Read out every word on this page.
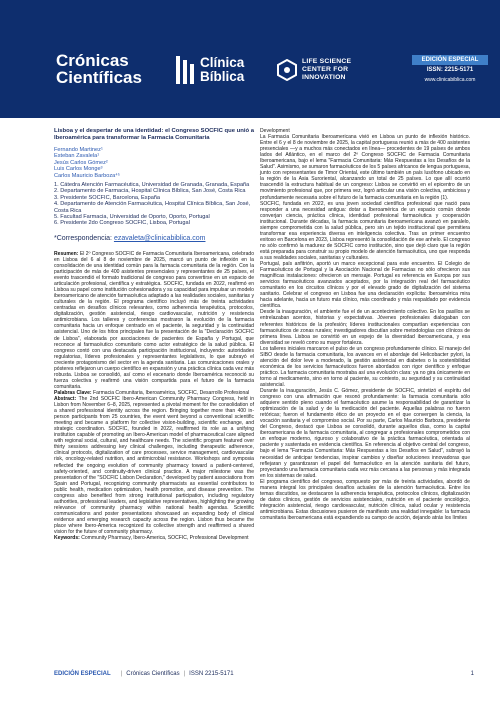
Crónicas
Científicas
Clínica
Bíblica
LIFE SCIENCE
CENTER FOR
INNOVATION
EDICIÓN ESPECIAL
ISSN: 2215-5171
www.clinicabiblica.com
Lisboa y el despertar de una identidad: el Congreso SOCFIC que unió a Iberoamérica para transformar la Farmacia Comunitaria
Fernando Martinez¹
Esteban Zavalela¹
Jesús Carlos Gómez²
Luis Carlos Monge³
Carlos Mauricio Barboza⁴⁵
1. Cátedra Atención Farmacéutica, Universidad de Granada, Granada, España
2. Departamento de Farmacia, Hospital Clínica Bíblica, San José, Costa Rica
3. Presidente SOCFIC, Barcelona, España
4. Departamento de Atención Farmacéutica, Hospital Clínica Bíblica, San José, Costa Rica
5. Facultad Farmacia, Universidad de Oporto, Oporto, Portugal
6. Presidente 2do Congreso SOCFIC, Lisboa, Portugal
*Correspondencia: ezavaleta@clinicabiblica.com

Resumen: El 2º Congreso SOCFIC de Farmacia Comunitaria Iberoamericana, celebrado en Lisboa del 6 al 8 de noviembre de 2025, marcó un punto de inflexión en la consolidación de una identidad común para la farmacia comunitaria de la región. Con la participación de más de 400 asistentes presenciales y representantes de 25 países, el evento trascendió el formato tradicional de congreso para convertirse en un espacio de articulación profesional, científica y estratégica. SOCFIC, fundada en 2022, reafirmó en Lisboa su papel como institución cohesionadora y su capacidad para impulsar un modelo iberoamericano de atención farmacéutica adaptado a las realidades sociales, sanitarias y culturales de la región. El programa científico incluyó más de treinta actividades centradas en desafíos clínicos relevantes, como adherencia terapéutica, protocolos, digitalización, gestión asistencial, riesgo cardiovascular, nutrición y resistencia antimicrobiana. Los talleres y conferencias mostraron la evolución de la farmacia comunitaria hacia un enfoque centrado en el paciente, la seguridad y la continuidad asistencial. Uno de los hitos principales fue la presentación de la "Declaración SOCFIC de Lisboa", elaborada por asociaciones de pacientes de España y Portugal, que reconoce al farmacéutico comunitario como actor estratégico de la salud pública. El congreso contó con una destacada participación institucional, incluyendo: autoridades regulatorias, líderes profesionales y representantes legislativos, lo que subrayó el creciente protagonismo del sector en la agenda sanitaria. Las comunicaciones orales y pósteres reflejaron un cuerpo científico en expansión y una práctica clínica cada vez más robusta. Lisboa se consolidó, así como el escenario donde Iberoamérica reconoció su fuerza colectiva y reafirmó una visión compartida para el futuro de la farmacia comunitaria.

Palabras Clave: Farmacia Comunitaria, Iberoamérica, SOCFIC, Desarrollo Profesional

Abstract: The 2nd SOCFIC Ibero-American Community Pharmacy Congress, held in Lisbon from November 6–8, 2025, represented a pivotal moment for the consolidation of a shared professional identity across the region. Bringing together more than 400 in-person participants from 25 countries, the event went beyond a conventional scientific meeting and became a platform for collective vision-building, scientific exchange, and strategic coordination. SOCFIC, founded in 2022, reaffirmed its role as a unifying institution capable of promoting an Ibero-American model of pharmaceutical care aligned with regional social, cultural, and healthcare needs. The scientific program featured over thirty sessions addressing key clinical challenges, including therapeutic adherence, clinical protocols, digitalization of care processes, service management, cardiovascular risk, oncology-related nutrition, and antimicrobial resistance. Workshops and symposia reflected the ongoing evolution of community pharmacy toward a patient-centered, safety-oriented, and continuity-driven clinical practice. A major milestone was the presentation of the "SOCFIC Lisbon Declaration," developed by patient associations from Spain and Portugal, recognizing community pharmacists as essential contributors to public health, medication optimization, health promotion, and disease prevention. The congress also benefited from strong institutional participation, including regulatory authorities, professional leaders, and legislative representatives, highlighting the growing relevance of community pharmacy within national health agendas. Scientific communications and poster presentations showcased an expanding body of clinical evidence and emerging research capacity across the region. Lisbon thus became the place where Ibero-America recognized its collective strength and reaffirmed a shared vision for the future of community pharmacy.

Keywords: Community Pharmacy, Ibero-America, SOCFIC, Professional Development

Development

La Farmacia Comunitaria Iberoamericana vivió en Lisboa un punto de inflexión histórico. Entre el 6 y el 8 de noviembre de 2025, la capital portuguesa reunió a más de 400 asistentes presenciales —y a muchos más conectados en línea— procedentes de 19 países de ambos lados del Atlántico, en el marco del 2º Congreso SOCFIC de Farmacia Comunitaria Iberoamericana, bajo el lema "Farmacia Comunitaria: Más Respuestas a los Desafíos de la Salud". Asimismo, se sumaron farmacéuticos de los 5 países africanos de lengua portuguesa, junto con representantes de Timor Oriental, este último también un país lusófono ubicado en la región de la Asia Suroriental, alcanzando un total de 25 países. Lo que allí ocurrió trascendió la estructura habitual de un congreso: Lisboa se convirtió en el epicentro de un movimiento profesional que, por primera vez, logró articular una visión colectiva, ambiciosa y profundamente necesaria sobre el futuro de la farmacia comunitaria en la región (1).

SOCFIC, fundada en 2022, es una joven sociedad científica profesional que nació para responder a una necesidad antigua: dotar a Iberoamérica de un espacio común donde converjan ciencia, práctica clínica, identidad profesional farmacéutica y cooperación institucional. Durante décadas, la farmacia comunitaria iberoamericana avanzó en paralelo, siempre comprometida con la salud pública, pero sin un tejido institucional que permitiera transformar esa experiencia diversa en inteligencia colectiva. Tras un primer encuentro exitoso en Barcelona en 2023, Lisboa representó la consolidación de ese anhelo. El congreso no sólo confirmó la madurez de SOCFIC como institución, sino que dejó claro que la región está preparada para construir su propio modelo de atención farmacéutica, uno que responda a sus realidades sociales, sanitarias y culturales.

Portugal, país anfitrión, aportó un marco excepcional para este encuentro. El Colegio de Farmacéuticos de Portugal y la Asociación Nacional de Farmacias no sólo ofrecieron sus magníficas instalaciones: ofrecieron un mensaje. Portugal es referencia en Europa por sus servicios farmacéuticos avanzados aceptados, por la integración real del farmacéutico comunitario en los circuitos clínicos y por el elevado grado de digitalización del sistema sanitario. Celebrar el congreso en Lisboa fue una declaración explícita: Iberoamérica mira hacia adelante, hacia un futuro más clínico, más coordinado y más respaldado por evidencia científica.

Desde la inauguración, el ambiente fue el de un acontecimiento colectivo. En los pasillos se entrelazaban acentos, historias y expectativas. Jóvenes profesionales dialogaban con referentes históricos de la profesión; líderes institucionales compartían experiencias con farmacéuticos de zonas rurales; investigadores discutían sobre metodologías con clínicos de primera línea. Lisboa se convirtió en un espejo de la diversidad iberoamericana, y esa diversidad se reveló como su mayor fortaleza.

Los talleres iniciales marcaron el pulso de un congreso profundamente clínico. El manejo del SIBO desde la farmacia comunitaria, los avances en el abordaje del Helicobacter pylori, la atención del dolor leve a moderado, la gestión asistencial en diabetes o la sostenibilidad económica de los servicios farmacéuticos fueron abordados con rigor científico y enfoque práctico. La farmacia comunitaria mostraba así una evolución clara: ya no gira únicamente en torno al medicamento, sino en torno al paciente, su contexto, su seguridad y su continuidad asistencial.

Durante la inauguración, Jesús C. Gómez, presidente de SOCFIC, sintetizó el espíritu del congreso con una afirmación que resonó profundamente: la farmacia comunitaria sólo adquiere sentido pleno cuando el farmacéutico asume la responsabilidad de garantizar la optimización de la salud y de la medicación del paciente. Aquellas palabras no fueron retóricas; fueron el fundamento ético de un proyecto en el que convergen la ciencia, la vocación sanitaria y el compromiso social. Por su parte, Carlos Mauricio Barboza, presidente del Congreso, destacó que Lisboa se consolidó, durante aquellos días, como la capital iberoamericana de la farmacia comunitaria, al congregar a profesionales comprometidos con un enfoque moderno, riguroso y colaborativo de la práctica farmacéutica, orientada al paciente y sustentada en evidencia científica. En referencia al objetivo central del congreso, bajo el lema "Farmacia Comunitaria: Más Respuestas a los Desafíos en Salud", subrayó la necesidad de anticipar tendencias, inspirar cambios y diseñar soluciones innovadoras que reflejaran y garantizaran el papel del farmacéutico en la atención sanitaria del futuro, proyectando una farmacia comunitaria cada vez más cercana a las personas y más integrada en los sistemas de salud.

El programa científico del congreso, compuesto por más de treinta actividades, abordó de manera integral los principales desafíos actuales de la atención farmacéutica. Entre los temas discutidos, se destacaron la adherencia terapéutica, protocolos clínicos, digitalización de datos clínicos, gestión de servicios asistenciales, nutrición en el paciente oncológico, integración asistencial, riesgo cardiovascular, nutrición clínica, salud ocular y resistencia antimicrobiana. Estas discusiones pusieron de manifiesto una realidad innegable: la farmacia comunitaria iberoamericana está expandiendo su campo de acción, dejando atrás los límites

EDICIÓN ESPECIAL | Crónicas Científicas | ISSN 2215-5171	1
